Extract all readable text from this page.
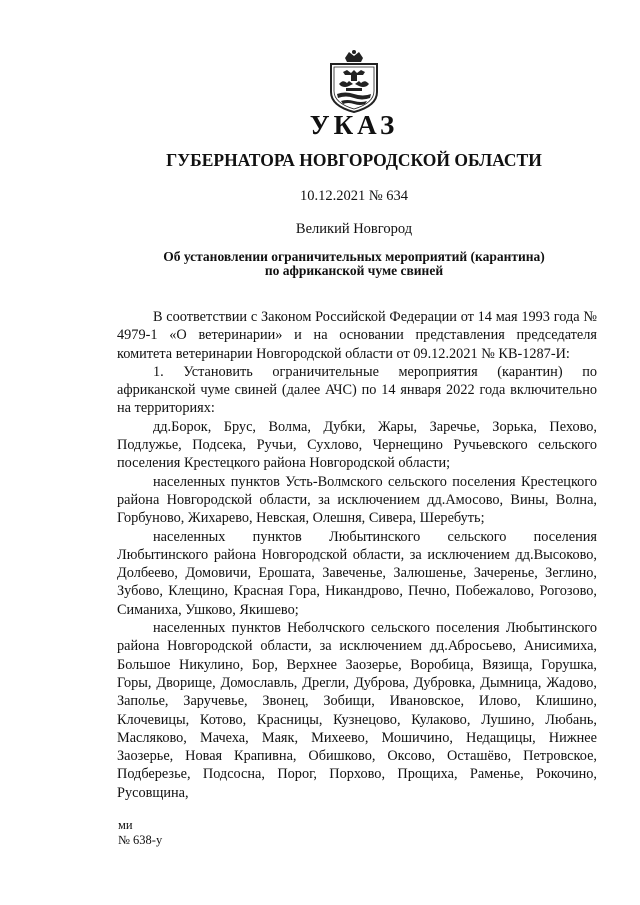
УКАЗ
ГУБЕРНАТОРА НОВГОРОДСКОЙ ОБЛАСТИ
10.12.2021 № 634
Великий Новгород
Об установлении ограничительных мероприятий (карантина)
по африканской чуме свиней

В соответствии с Законом Российской Федерации от 14 мая 1993 года № 4979-1 «О ветеринарии» и на основании представления председателя комитета ветеринарии Новгородской области от 09.12.2021 № КВ-1287-И:

1. Установить ограничительные мероприятия (карантин) по африканской чуме свиней (далее АЧС) по 14 января 2022 года включительно на территориях:

дд.Борок, Брус, Волма, Дубки, Жары, Заречье, Зорька, Пехово, Подлужье, Подсека, Ручьи, Сухлово, Чернещино Ручьевского сельского поселения Крестецкого района Новгородской области;

населенных пунктов Усть-Волмского сельского поселения Крестецкого района Новгородской области, за исключением дд.Амосово, Вины, Волна, Горбуново, Жихарево, Невская, Олешня, Сивера, Шеребуть;

населенных пунктов Любытинского сельского поселения Любытинского района Новгородской области, за исключением дд.Высоково, Долбеево, Домовичи, Ерошата, Завеченье, Залюшенье, Зачеренье, Зеглино, Зубово, Клещино, Красная Гора, Никандрово, Печно, Побежалово, Рогозово, Симаниха, Ушково, Якишево;

населенных пунктов Неболчского сельского поселения Любытинского района Новгородской области, за исключением дд.Абросьево, Анисимиха, Большое Никулино, Бор, Верхнее Заозерье, Воробица, Вязища, Горушка, Горы, Дворище, Домославль, Дрегли, Дуброва, Дубровка, Дымница, Жадово, Заполье, Заручевье, Звонец, Зобищи, Ивановское, Илово, Клишино, Клочевицы, Котово, Красницы, Кузнецово, Кулаково, Лушино, Любань, Масляково, Мачеха, Маяк, Михеево, Мошичино, Недащицы, Нижнее Заозерье, Новая Крапивна, Обишково, Оксово, Осташёво, Петровское, Подберезье, Подсосна, Порог, Порхово, Прощиха, Раменье, Рокочино, Русовщина,

ми
№ 638-у
